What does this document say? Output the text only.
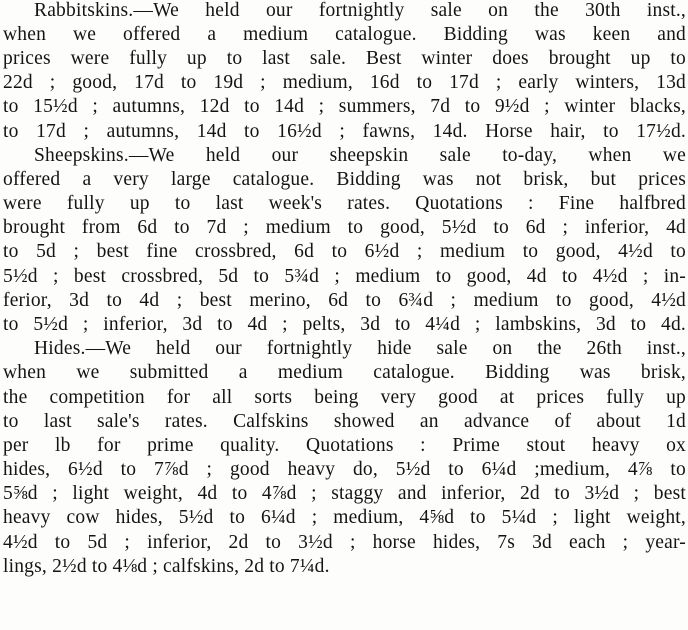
Rabbitskins.—We held our fortnightly sale on the 30th inst.,
when we offered a medium catalogue. Bidding was keen and
prices were fully up to last sale. Best winter does brought up to
22d ; good, 17d to 19d ; medium, 16d to 17d ; early winters, 13d
to 15½d ; autumns, 12d to 14d ; summers, 7d to 9½d ; winter blacks,
to 17d ; autumns, 14d to 16½d ; fawns, 14d. Horse hair, to 17½d.
Sheepskins.—We held our sheepskin sale to-day, when we
offered a very large catalogue. Bidding was not brisk, but prices
were fully up to last week's rates. Quotations : Fine halfbred
brought from 6d to 7d ; medium to good, 5½d to 6d ; inferior, 4d
to 5d ; best fine crossbred, 6d to 6½d ; medium to good, 4½d to
5½d ; best crossbred, 5d to 5¾d ; medium to good, 4d to 4½d ; in-
ferior, 3d to 4d ; best merino, 6d to 6¾d ; medium to good, 4½d
to 5½d ; inferior, 3d to 4d ; pelts, 3d to 4¼d ; lambskins, 3d to 4d.
Hides.—We held our fortnightly hide sale on the 26th inst.,
when we submitted a medium catalogue. Bidding was brisk,
the competition for all sorts being very good at prices fully up
to last sale's rates. Calfskins showed an advance of about 1d
per lb for prime quality. Quotations : Prime stout heavy ox
hides, 6½d to 7⅞d ; good heavy do, 5½d to 6¼d ;medium, 4⅞ to
5⅝d ; light weight, 4d to 4⅞d ; staggy and inferior, 2d to 3½d ; best
heavy cow hides, 5½d to 6¼d ; medium, 4⅝d to 5¼d ; light weight,
4½d to 5d ; inferior, 2d to 3½d ; horse hides, 7s 3d each ; year-
lings, 2½d to 4⅛d ; calfskins, 2d to 7¼d.
